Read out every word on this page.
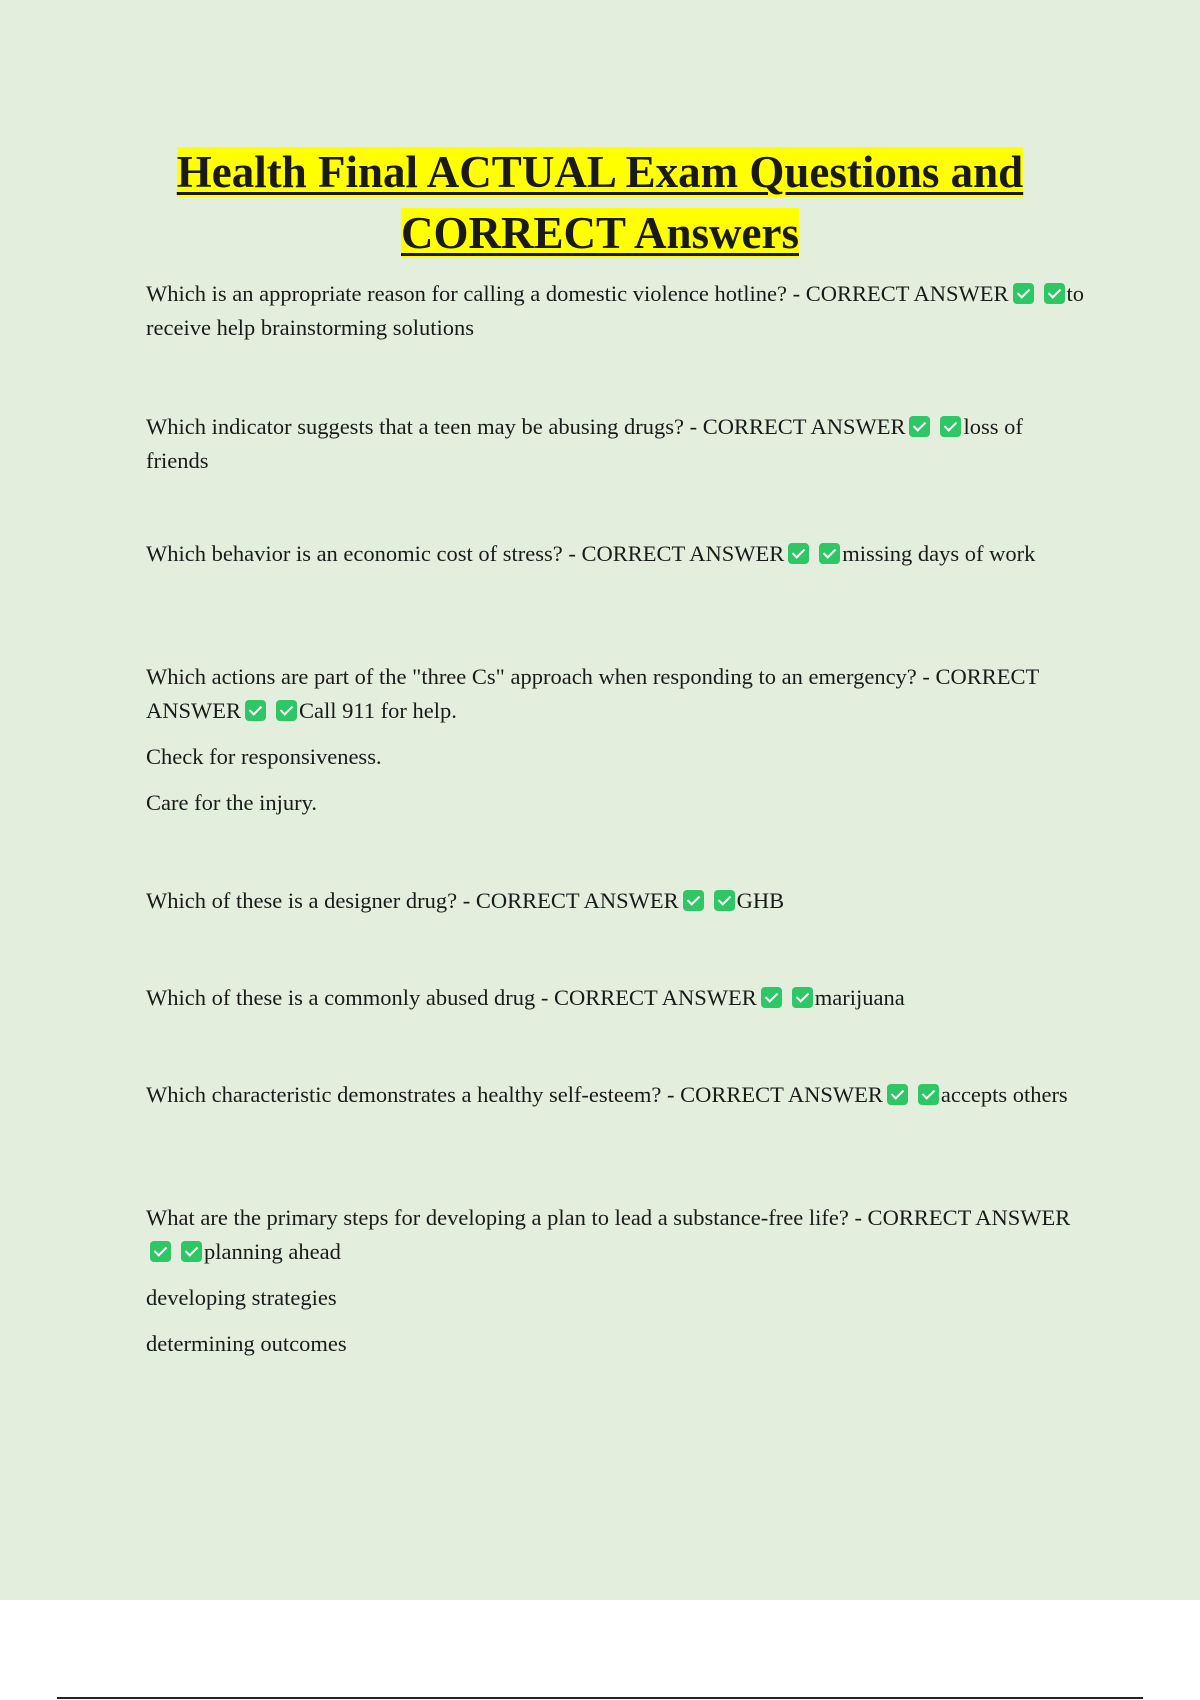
Health Final ACTUAL Exam Questions and
CORRECT Answers

Which is an appropriate reason for calling a domestic violence hotline? - CORRECT ANSWER	to receive help brainstorming solutions

Which indicator suggests that a teen may be abusing drugs? - CORRECT ANSWER	loss of friends

Which behavior is an economic cost of stress? - CORRECT ANSWER	missing days of work

Which actions are part of the "three Cs" approach when responding to an emergency? - CORRECT ANSWER	Call 911 for help.

Check for responsiveness.

Care for the injury.

Which of these is a designer drug? - CORRECT ANSWER	GHB

Which of these is a commonly abused drug - CORRECT ANSWER	marijuana

Which characteristic demonstrates a healthy self-esteem? - CORRECT ANSWER	accepts others

What are the primary steps for developing a plan to lead a substance-free life? - CORRECT ANSWERplanning ahead

developing strategies

determining outcomes
